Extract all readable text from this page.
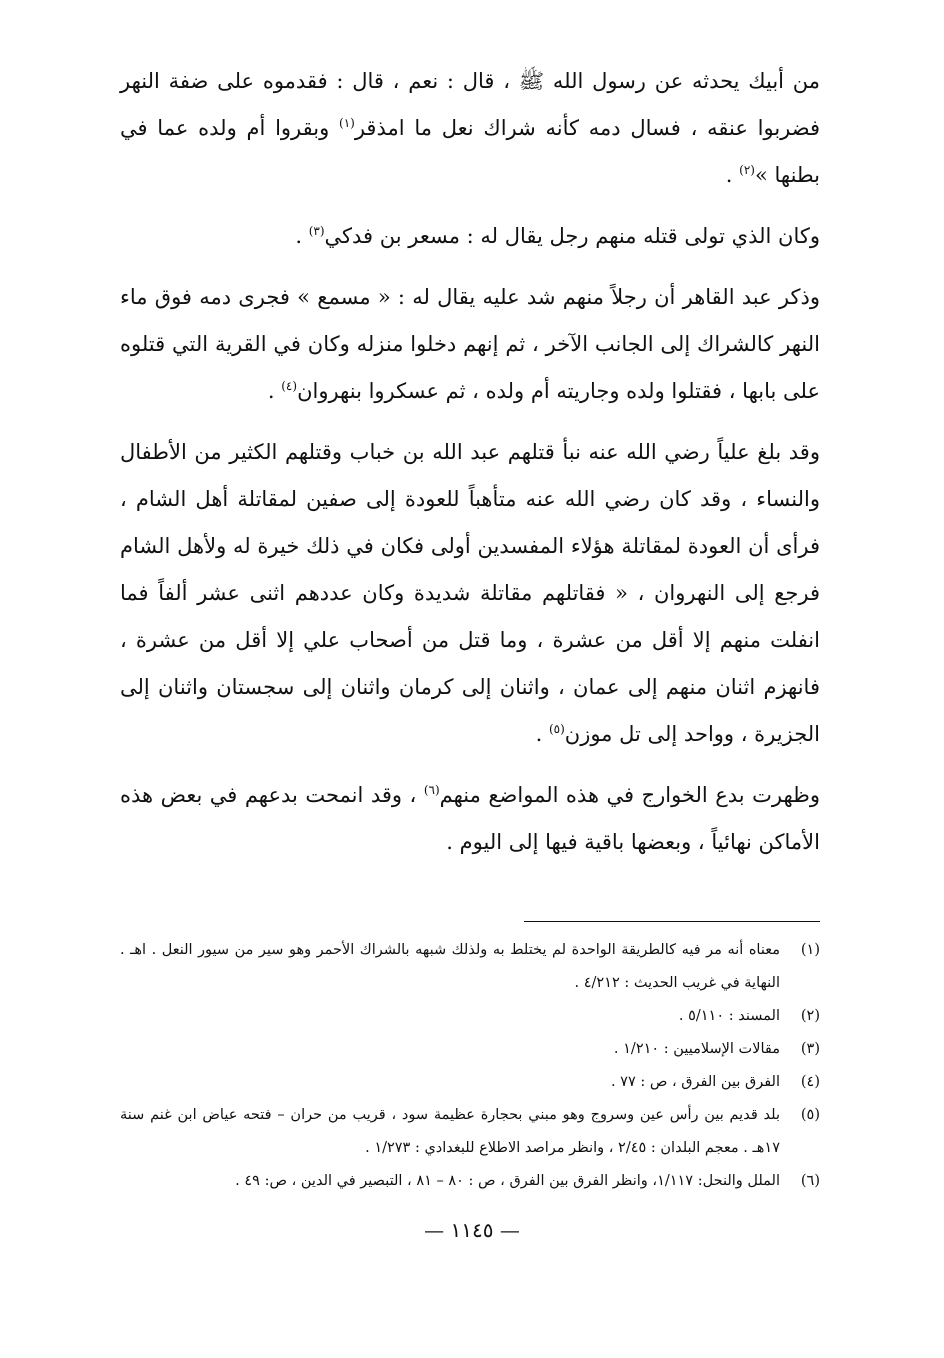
من أبيك يحدثه عن رسول الله ﷺ ، قال : نعم ، قال : فقدموه على ضفة النهر فضربوا عنقه ، فسال دمه كأنه شراك نعل ما امذقر$^{(١)}$ وبقروا أم ولده عما في بطنها »$^{(٢)}$ .

وكان الذي تولى قتله منهم رجل يقال له : مسعر بن فدكي$^{(٣)}$ .

وذكر عبد القاهر أن رجلاً منهم شد عليه يقال له : « مسمع » فجرى دمه فوق ماء النهر كالشراك إلى الجانب الآخر ، ثم إنهم دخلوا منزله وكان في القرية التي قتلوه على بابها ، فقتلوا ولده وجاريته أم ولده ، ثم عسكروا بنهروان$^{(٤)}$ .

وقد بلغ علياً رضي الله عنه نبأ قتلهم عبد الله بن خباب وقتلهم الكثير من الأطفال والنساء ، وقد كان رضي الله عنه متأهباً للعودة إلى صفين لمقاتلة أهل الشام ، فرأى أن العودة لمقاتلة هؤلاء المفسدين أولى فكان في ذلك خيرة له ولأهل الشام فرجع إلى النهروان ، « فقاتلهم مقاتلة شديدة وكان عددهم اثنى عشر ألفاً فما انفلت منهم إلا أقل من عشرة ، وما قتل من أصحاب علي إلا أقل من عشرة ، فانهزم اثنان منهم إلى عمان ، واثنان إلى كرمان واثنان إلى سجستان واثنان إلى الجزيرة ، وواحد إلى تل موزن$^{(٥)}$ .

وظهرت بدع الخوارج في هذه المواضع منهم$^{(٦)}$ ، وقد انمحت بدعهم في بعض هذه الأماكن نهائياً ، وبعضها باقية فيها إلى اليوم .

(١)
معناه أنه مر فيه كالطريقة الواحدة لم يختلط به ولذلك شبهه بالشراك الأحمر وهو سير من سيور النعل . اهـ . النهاية في غريب الحديث : ٤/٢١٢ .
(٢)
المسند : ٥/١١٠ .
(٣)
مقالات الإسلاميين : ١/٢١٠ .
(٤)
الفرق بين الفرق ، ص : ٧٧ .
(٥)
بلد قديم بين رأس عين وسروج وهو مبني بحجارة عظيمة سود ، قريب من حران – فتحه عياض ابن غنم سنة ١٧هـ . معجم البلدان : ٢/٤٥ ، وانظر مراصد الاطلاع للبغدادي : ١/٢٧٣ .
(٦)
الملل والنحل: ١/١١٧، وانظر الفرق بين الفرق ، ص : ٨٠ – ٨١ ، التبصير في الدين ، ص: ٤٩ .
— ١١٤٥ —
